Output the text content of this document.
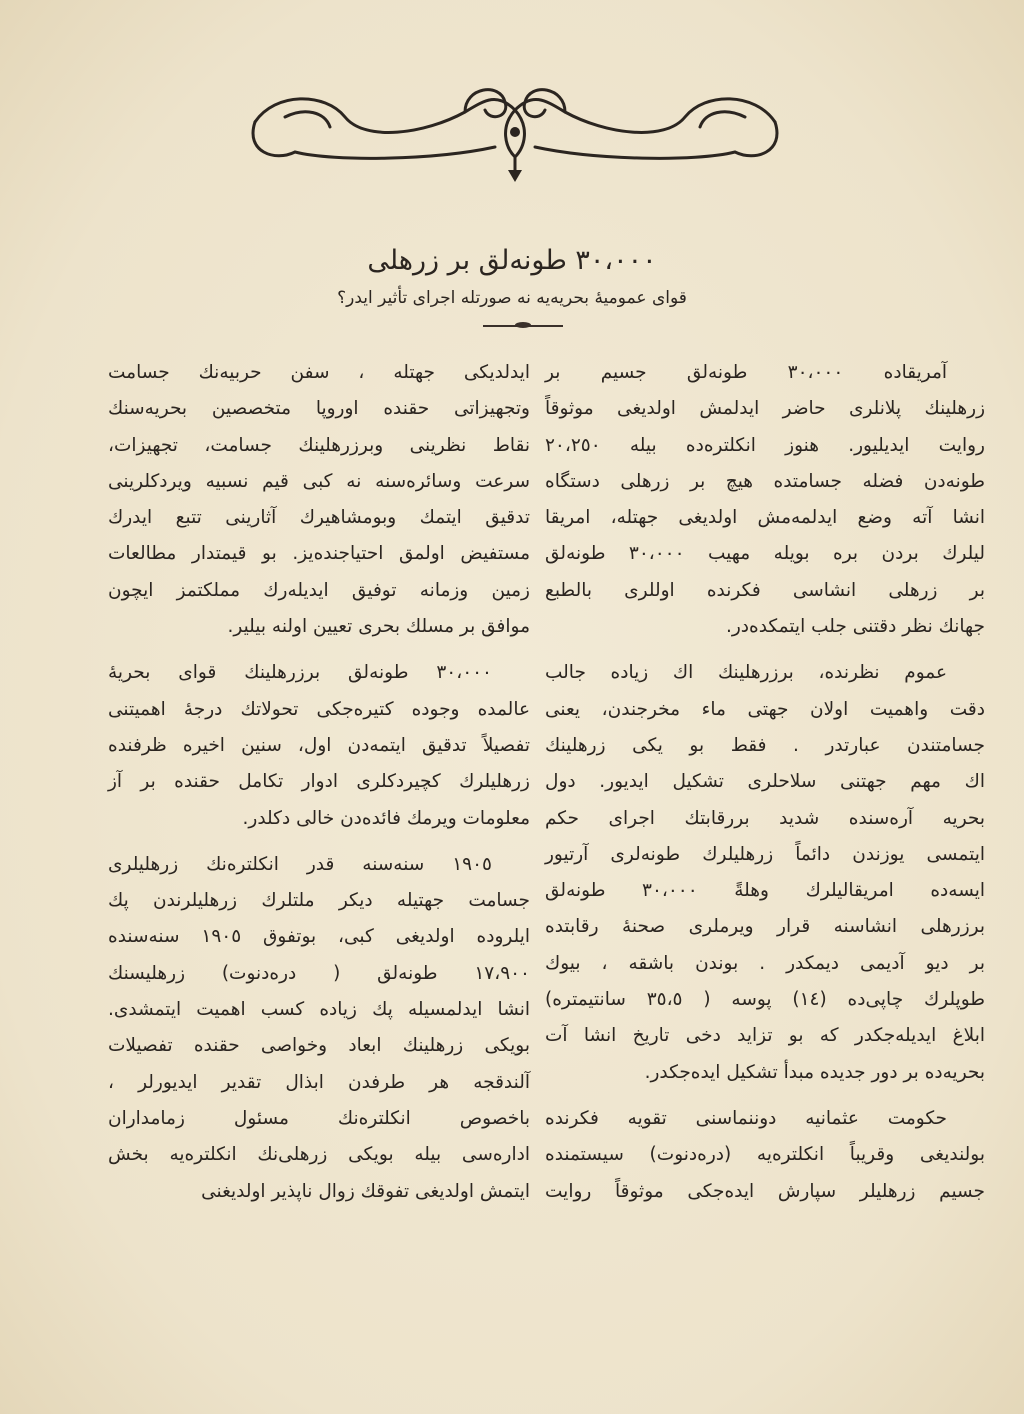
٣٠،٠٠٠ طونه‌لق بر زرهلى
قواى عموميهٔ بحريه‌يه نه صورتله اجراى تأثير ايدر؟
آمريقاده ٣٠،٠٠٠ طونه‌لق جسيم بر
زرهلينك پلانلرى حاضر ايدلمش اولديغى موثوقاً
روايت ايديليور. هنوز انكلتره‌ده بيله ٢٠،٢٥٠
طونه‌دن فضله جسامتده هيچ بر زرهلى دستگاه
انشا آته وضع ايدلمه‌مش اولديغى جهتله، امريقا
ليلرك بردن بره بويله مهيب ٣٠،٠٠٠ طونه‌لق
بر زرهلى انشاسى فكرنده اوللرى بالطبع
جهانك نظر دقتنى جلب ايتمكده‌در.
عموم نظرنده، برزرهلينك اك زياده جالب
دقت واهميت اولان جهتى ماء مخرجندن، يعنى
جسامتندن عبارتدر . فقط بو يكى زرهلينك
اك مهم جهتنى سلاحلرى تشكيل ايديور. دول
بحريه آره‌سنده شديد بررقابتك اجراى حكم
ايتمسى يوزندن دائماً زرهليلرك طونه‌لرى آرتيور
ايسه‌ده امريقاليلرك وهلةً ٣٠،٠٠٠ طونه‌لق
برزرهلى انشاسنه قرار ويرملرى صحنهٔ رقابتده
بر ديو آديمى ديمكدر . بوندن باشقه ، بيوك
طوپلرك چاپى‌ده (١٤) پوسه ( ٣٥،٥ سانتيمتره)
ابلاغ ايديله‌جكدر كه بو تزايد دخى تاريخ انشا آت
بحريه‌ده بر دور جديده مبدأ تشكيل ايده‌جكدر.
حكومت عثمانيه دوننماسنى تقويه فكرنده
بولنديغى وقريباً انكلتره‌يه (دره‌دنوت) سيستمنده
جسيم زرهليلر سپارش ايده‌جكى موثوقاً روايت
ايدلديكى جهتله ، سفن حربيه‌نك جسامت
وتجهيزاتى حقنده اوروپا متخصصين بحريه‌سنك
نقاط نظرينى وبرزرهلينك جسامت، تجهيزات،
سرعت وسائره‌سنه نه كبى قيم نسبيه ويردكلرينى
تدقيق ايتمك وبومشاهيرك آثارينى تتبع ايدرك
مستفيض اولمق احتياجنده‌يز. بو قيمتدار مطالعات
زمين وزمانه توفيق ايديله‌رك مملكتمز ايچون
موافق بر مسلك بحرى تعيين اولنه بيلير.
٣٠،٠٠٠ طونه‌لق برزرهلينك قواى بحريهٔ
عالمده وجوده كتيره‌جكى تحولاتك درجهٔ اهميتنى
تفصيلاً تدقيق ايتمه‌دن اول، سنين اخيره ظرفنده
زرهليلرك كچيردكلرى ادوار تكامل حقنده بر آز
معلومات ويرمك فائده‌دن خالى دكلدر.
١٩٠٥ سنه‌سنه قدر انكلتره‌نك زرهليلرى
جسامت جهتيله ديكر ملتلرك زرهليلرندن پك
ايلروده اولديغى كبى، بوتفوق ١٩٠٥ سنه‌سنده
١٧،٩٠٠ طونه‌لق ( دره‌دنوت) زرهليسنك
انشا ايدلمسيله پك زياده كسب اهميت ايتمشدى.
بويكى زرهلينك ابعاد وخواصى حقنده تفصيلات
آلندقجه هر طرفدن ابذال تقدير ايديورلر ،
باخصوص انكلتره‌نك مسئول زمامداران
اداره‌سى بيله بويكى زرهلى‌نك انكلتره‌يه بخش
ايتمش اولديغى تفوقك زوال ناپذير اولديغنى
